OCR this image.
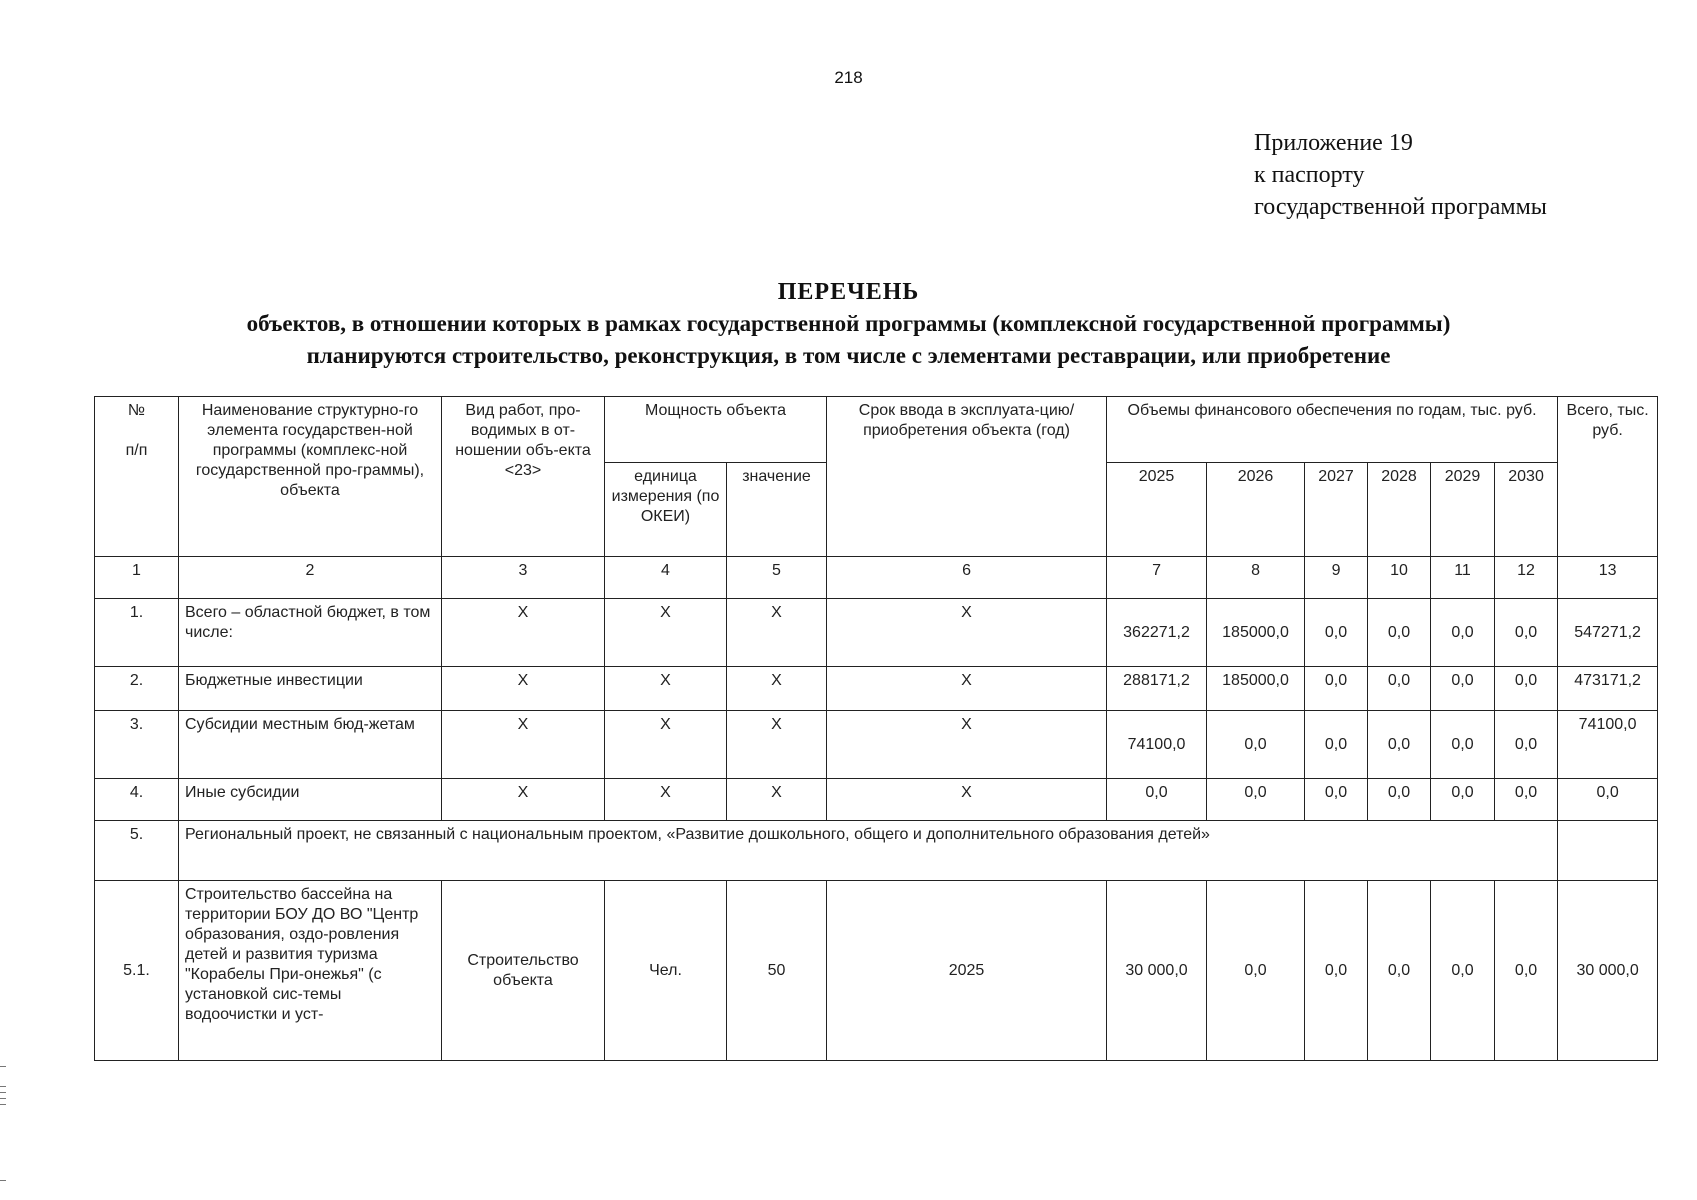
218
Приложение 19
к паспорту
государственной программы
ПЕРЕЧЕНЬ
объектов, в отношении которых в рамках государственной программы (комплексной государственной программы)
планируются строительство, реконструкция, в том числе с элементами реставрации, или приобретение
№

п/п	Наименование структурно-го элемента государствен-ной программы (комплекс-ной государственной про-граммы), объекта	Вид работ, про-водимых в от-ношении объ-екта <23>	Мощность объекта		Срок ввода в эксплуата-цию/приобретения объекта (год)	Объемы финансового обеспечения по годам, тыс. руб.						Всего, тыс. руб.
			единица измерения (по ОКЕИ)	значение		2025	2026	2027	2028	2029	2030	
1	2	3	4	5	6	7	8	9	10	11	12	13
1.	Всего – областной бюджет, в том числе:	X	X	X	X	362271,2	185000,0	0,0	0,0	0,0	0,0	547271,2
2.	Бюджетные инвестиции	X	X	X	X	288171,2	185000,0	0,0	0,0	0,0	0,0	473171,2
3.	Субсидии местным бюд-жетам	X	X	X	X	74100,0	0,0	0,0	0,0	0,0	0,0	74100,0
4.	Иные субсидии	X	X	X	X	0,0	0,0	0,0	0,0	0,0	0,0	0,0
5.	Региональный проект, не связанный с национальным проектом, «Развитие дошкольного, общего и дополнительного образования детей»											
5.1.	Строительство бассейна на территории БОУ ДО ВО "Центр образования, оздо-ровления детей и развития туризма "Корабелы При-онежья" (с установкой сис-темы водоочистки и уст-	Строительство объекта	Чел.	50	2025	30 000,0	0,0	0,0	0,0	0,0	0,0	30 000,0
